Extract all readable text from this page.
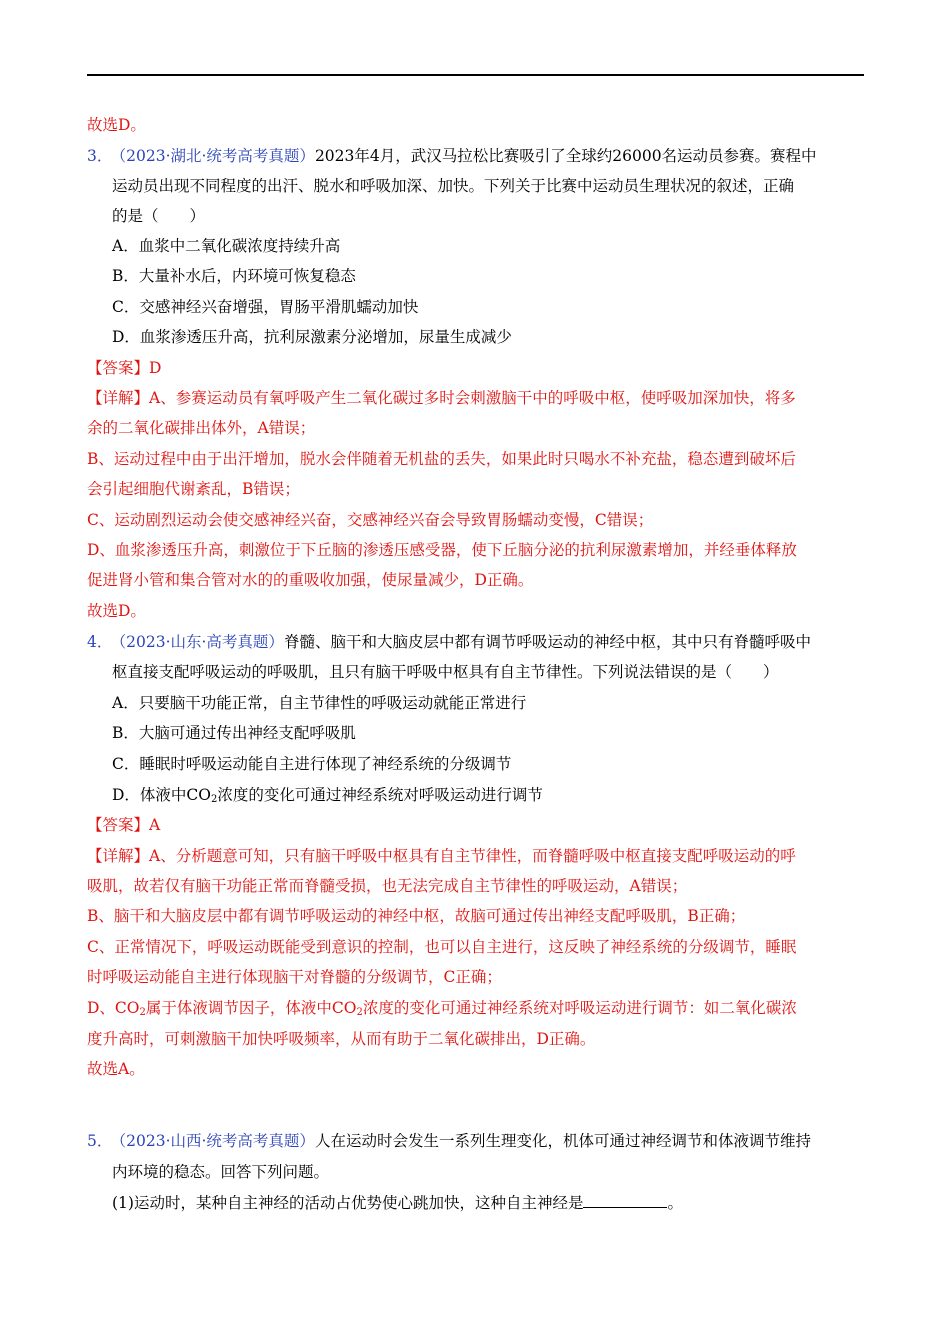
故选D。
3． （2023·湖北·统考高考真题）2023年4月，武汉马拉松比赛吸引了全球约26000名运动员参赛。赛程中
运动员出现不同程度的出汗、脱水和呼吸加深、加快。下列关于比赛中运动员生理状况的叙述，正确
的是（　　）
A．血浆中二氧化碳浓度持续升高
B．大量补水后，内环境可恢复稳态
C．交感神经兴奋增强，胃肠平滑肌蠕动加快
D．血浆渗透压升高，抗利尿激素分泌增加，尿量生成减少
【答案】D
【详解】A、参赛运动员有氧呼吸产生二氧化碳过多时会刺激脑干中的呼吸中枢，使呼吸加深加快，将多
余的二氧化碳排出体外，A错误；
B、运动过程中由于出汗增加，脱水会伴随着无机盐的丢失，如果此时只喝水不补充盐，稳态遭到破坏后
会引起细胞代谢紊乱，B错误；
C、运动剧烈运动会使交感神经兴奋，交感神经兴奋会导致胃肠蠕动变慢，C错误；
D、血浆渗透压升高，刺激位于下丘脑的渗透压感受器，使下丘脑分泌的抗利尿激素增加，并经垂体释放
促进肾小管和集合管对水的的重吸收加强，使尿量减少，D正确。
故选D。
4． （2023·山东·高考真题）脊髓、脑干和大脑皮层中都有调节呼吸运动的神经中枢，其中只有脊髓呼吸中
枢直接支配呼吸运动的呼吸肌，且只有脑干呼吸中枢具有自主节律性。下列说法错误的是（　　）
A．只要脑干功能正常，自主节律性的呼吸运动就能正常进行
B．大脑可通过传出神经支配呼吸肌
C．睡眠时呼吸运动能自主进行体现了神经系统的分级调节
D．体液中$CO_2$浓度的变化可通过神经系统对呼吸运动进行调节
【答案】A
【详解】A、分析题意可知，只有脑干呼吸中枢具有自主节律性，而脊髓呼吸中枢直接支配呼吸运动的呼
吸肌，故若仅有脑干功能正常而脊髓受损，也无法完成自主节律性的呼吸运动，A错误；
B、脑干和大脑皮层中都有调节呼吸运动的神经中枢，故脑可通过传出神经支配呼吸肌，B正确；
C、正常情况下，呼吸运动既能受到意识的控制，也可以自主进行，这反映了神经系统的分级调节，睡眠
时呼吸运动能自主进行体现脑干对脊髓的分级调节，C正确；
D、$CO_2$属于体液调节因子，体液中$CO_2$浓度的变化可通过神经系统对呼吸运动进行调节：如二氧化碳浓
度升高时，可刺激脑干加快呼吸频率，从而有助于二氧化碳排出，D正确。
故选A。
5． （2023·山西·统考高考真题）人在运动时会发生一系列生理变化，机体可通过神经调节和体液调节维持
内环境的稳态。回答下列问题。
(1)运动时，某种自主神经的活动占优势使心跳加快，这种自主神经是	。
